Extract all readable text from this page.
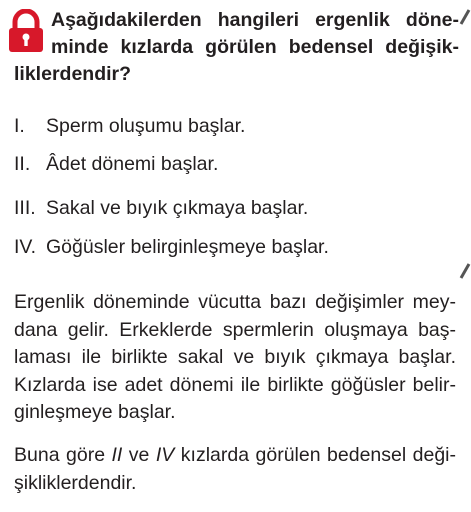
Aşağıdakilerden hangileri ergenlik döne-
minde kızlarda görülen bedensel değişik-
liklerdendir?

I. Sperm oluşumu başlar.
II. Âdet dönemi başlar.
III. Sakal ve bıyık çıkmaya başlar.
IV. Göğüsler belirginleşmeye başlar.

Ergenlik döneminde vücutta bazı değişimler mey-
dana gelir. Erkeklerde spermlerin oluşmaya baş-
laması ile birlikte sakal ve bıyık çıkmaya başlar.
Kızlarda ise adet dönemi ile birlikte göğüsler belir-
ginleşmeye başlar.

Buna göre II ve IV kızlarda görülen bedensel deği-
şikliklerdendir.
